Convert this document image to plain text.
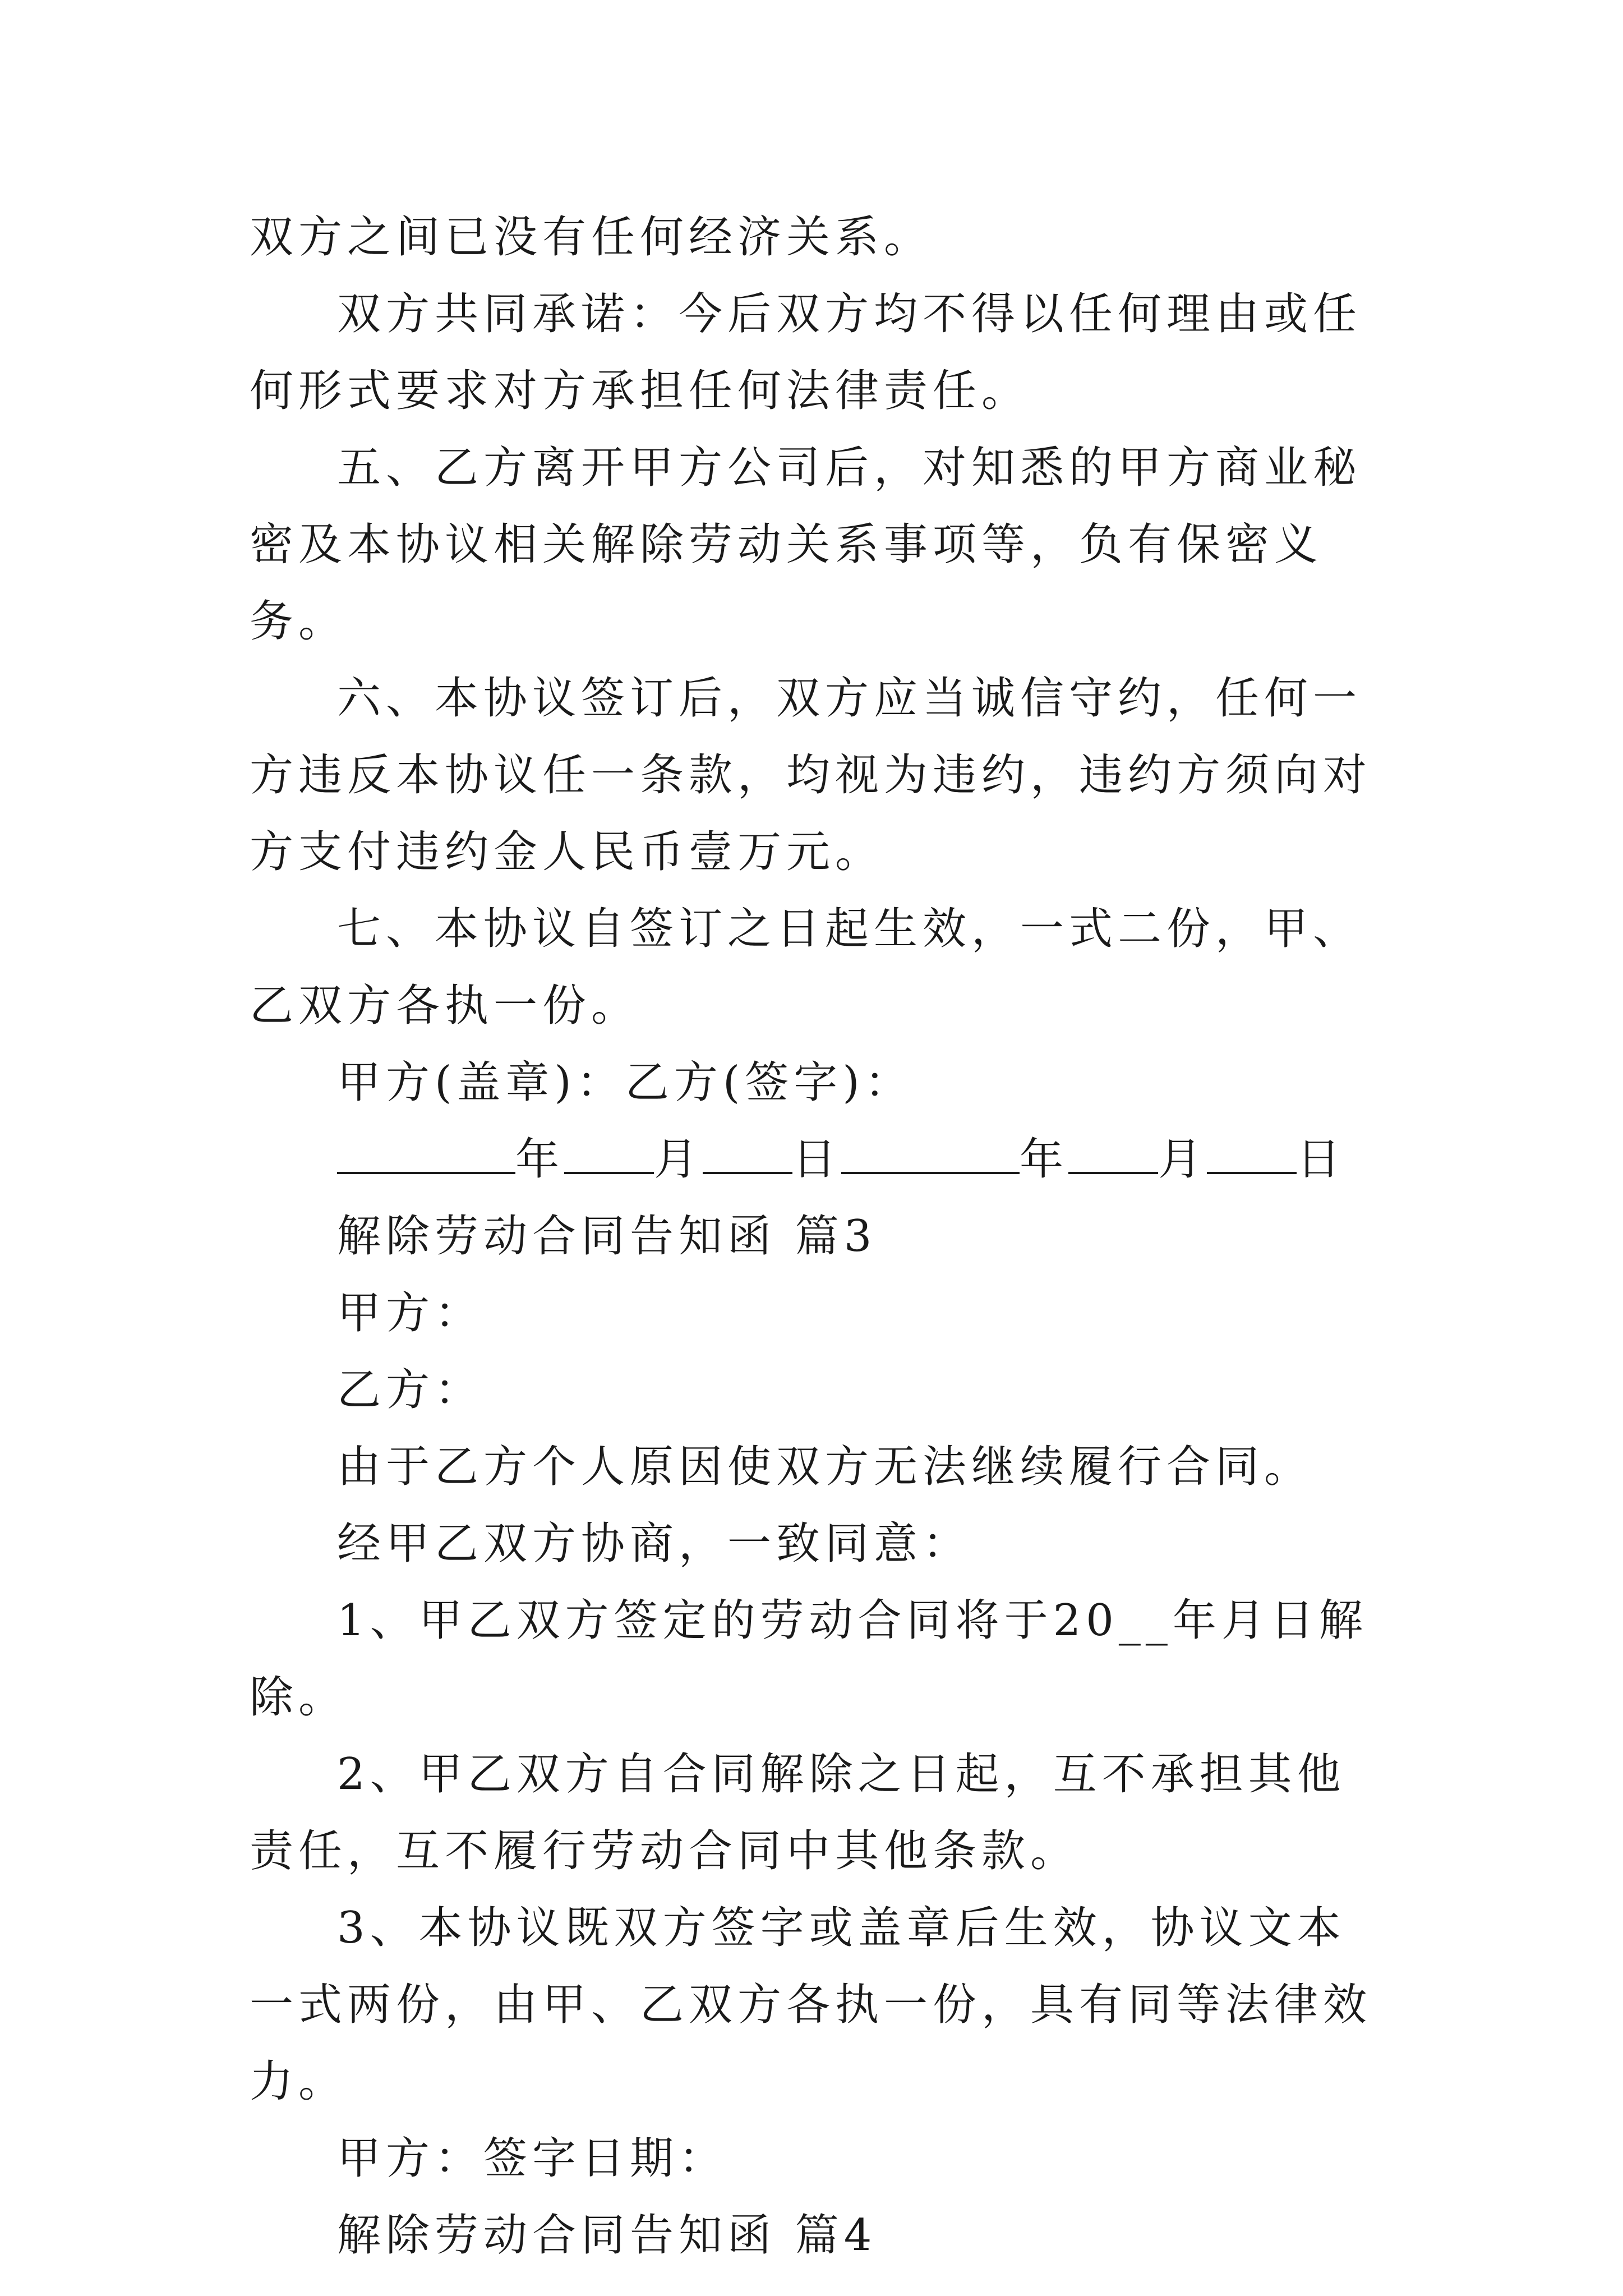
双方之间已没有任何经济关系。

双方共同承诺：今后双方均不得以任何理由或任何形式要求对方承担任何法律责任。

五、乙方离开甲方公司后，对知悉的甲方商业秘密及本协议相关解除劳动关系事项等，负有保密义务。

六、本协议签订后，双方应当诚信守约，任何一方违反本协议任一条款，均视为违约，违约方须向对方支付违约金人民币壹万元。

七、本协议自签订之日起生效，一式二份，甲、乙双方各执一份。

甲方(盖章)：乙方(签字)：

年 月 日	年 月 日

解除劳动合同告知函 篇3

甲方：

乙方：

由于乙方个人原因使双方无法继续履行合同。

经甲乙双方协商，一致同意：

1、甲乙双方签定的劳动合同将于20__年月日解除。

2、甲乙双方自合同解除之日起，互不承担其他责任，互不履行劳动合同中其他条款。

3、本协议既双方签字或盖章后生效，协议文本一式两份，由甲、乙双方各执一份，具有同等法律效力。

甲方：签字日期：

解除劳动合同告知函 篇4
